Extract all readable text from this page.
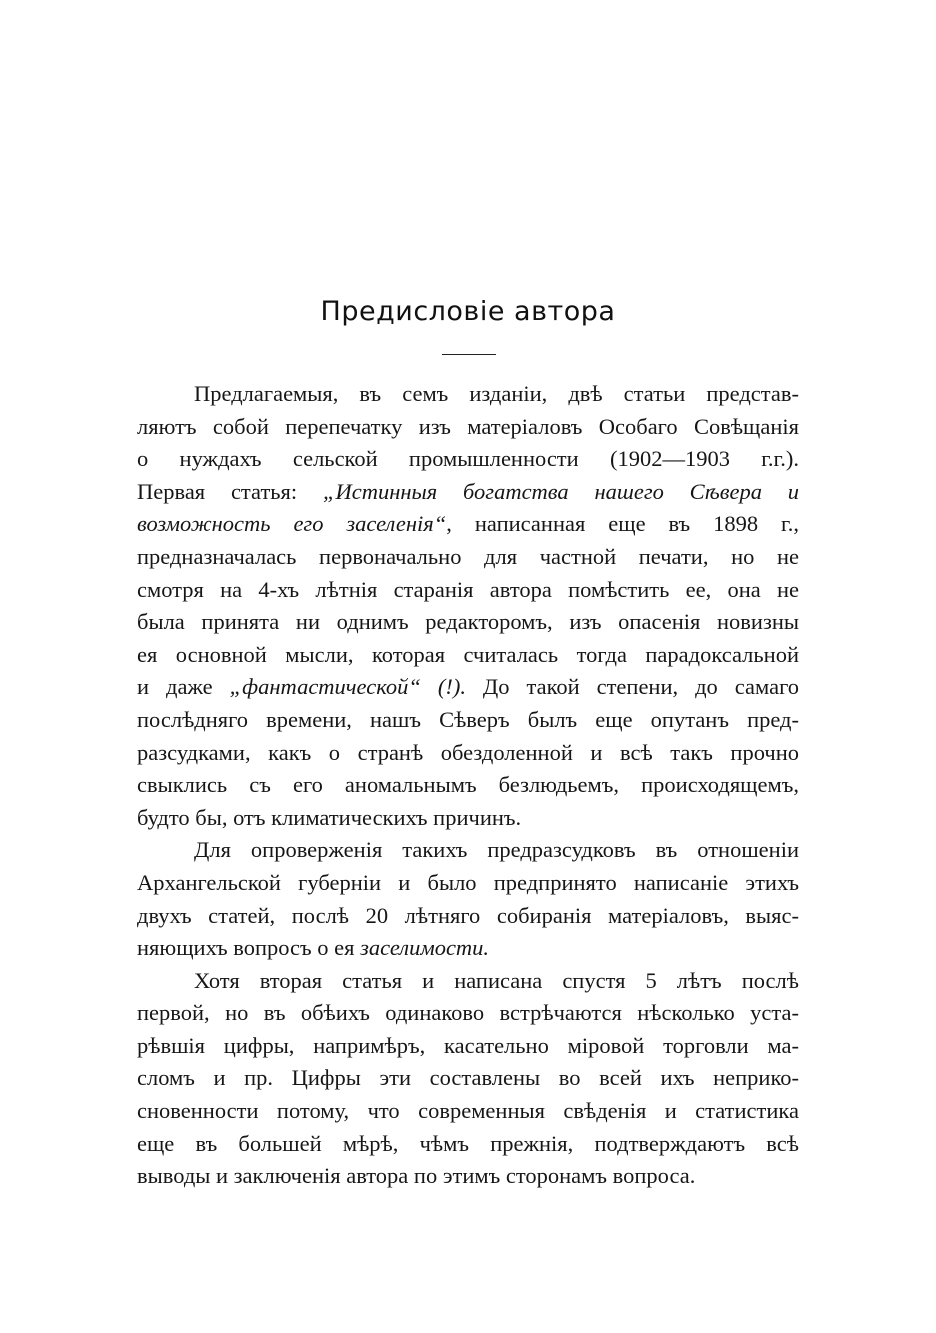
Предисловіе автора
Предлагаемыя, въ семъ изданіи, двѣ статьи представ-
ляютъ собой перепечатку изъ матеріаловъ Особаго Совѣщанія
о нуждахъ сельской промышленности (1902—1903 г.г.).
Первая статья: „Истинныя богатства нашего Сѣвера и
возможность его заселенія“, написанная еще въ 1898 г.,
предназначалась первоначально для частной печати, но не
смотря на 4-хъ лѣтнія старанія автора помѣстить ее, она не
была принята ни однимъ редакторомъ, изъ опасенія новизны
ея основной мысли, которая считалась тогда парадоксальной
и даже „фантастической“ (!). До такой степени, до самаго
послѣдняго времени, нашъ Сѣверъ былъ еще опутанъ пред-
разсудками, какъ о странѣ обездоленной и всѣ такъ прочно
свыклись съ его аномальнымъ безлюдьемъ, происходящемъ,
будто бы, отъ климатическихъ причинъ.
Для опроверженія такихъ предразсудковъ въ отношеніи
Архангельской губерніи и было предпринято написаніе этихъ
двухъ статей, послѣ 20 лѣтняго собиранія матеріаловъ, выяс-
няющихъ вопросъ о ея заселимости.
Хотя вторая статья и написана спустя 5 лѣтъ послѣ
первой, но въ обѣихъ одинаково встрѣчаются нѣсколько уста-
рѣвшія цифры, напримѣръ, касательно міровой торговли ма-
сломъ и пр. Цифры эти составлены во всей ихъ неприко-
сновенности потому, что современныя свѣденія и статистика
еще въ большей мѣрѣ, чѣмъ прежнія, подтверждаютъ всѣ
выводы и заключенія автора по этимъ сторонамъ вопроса.
